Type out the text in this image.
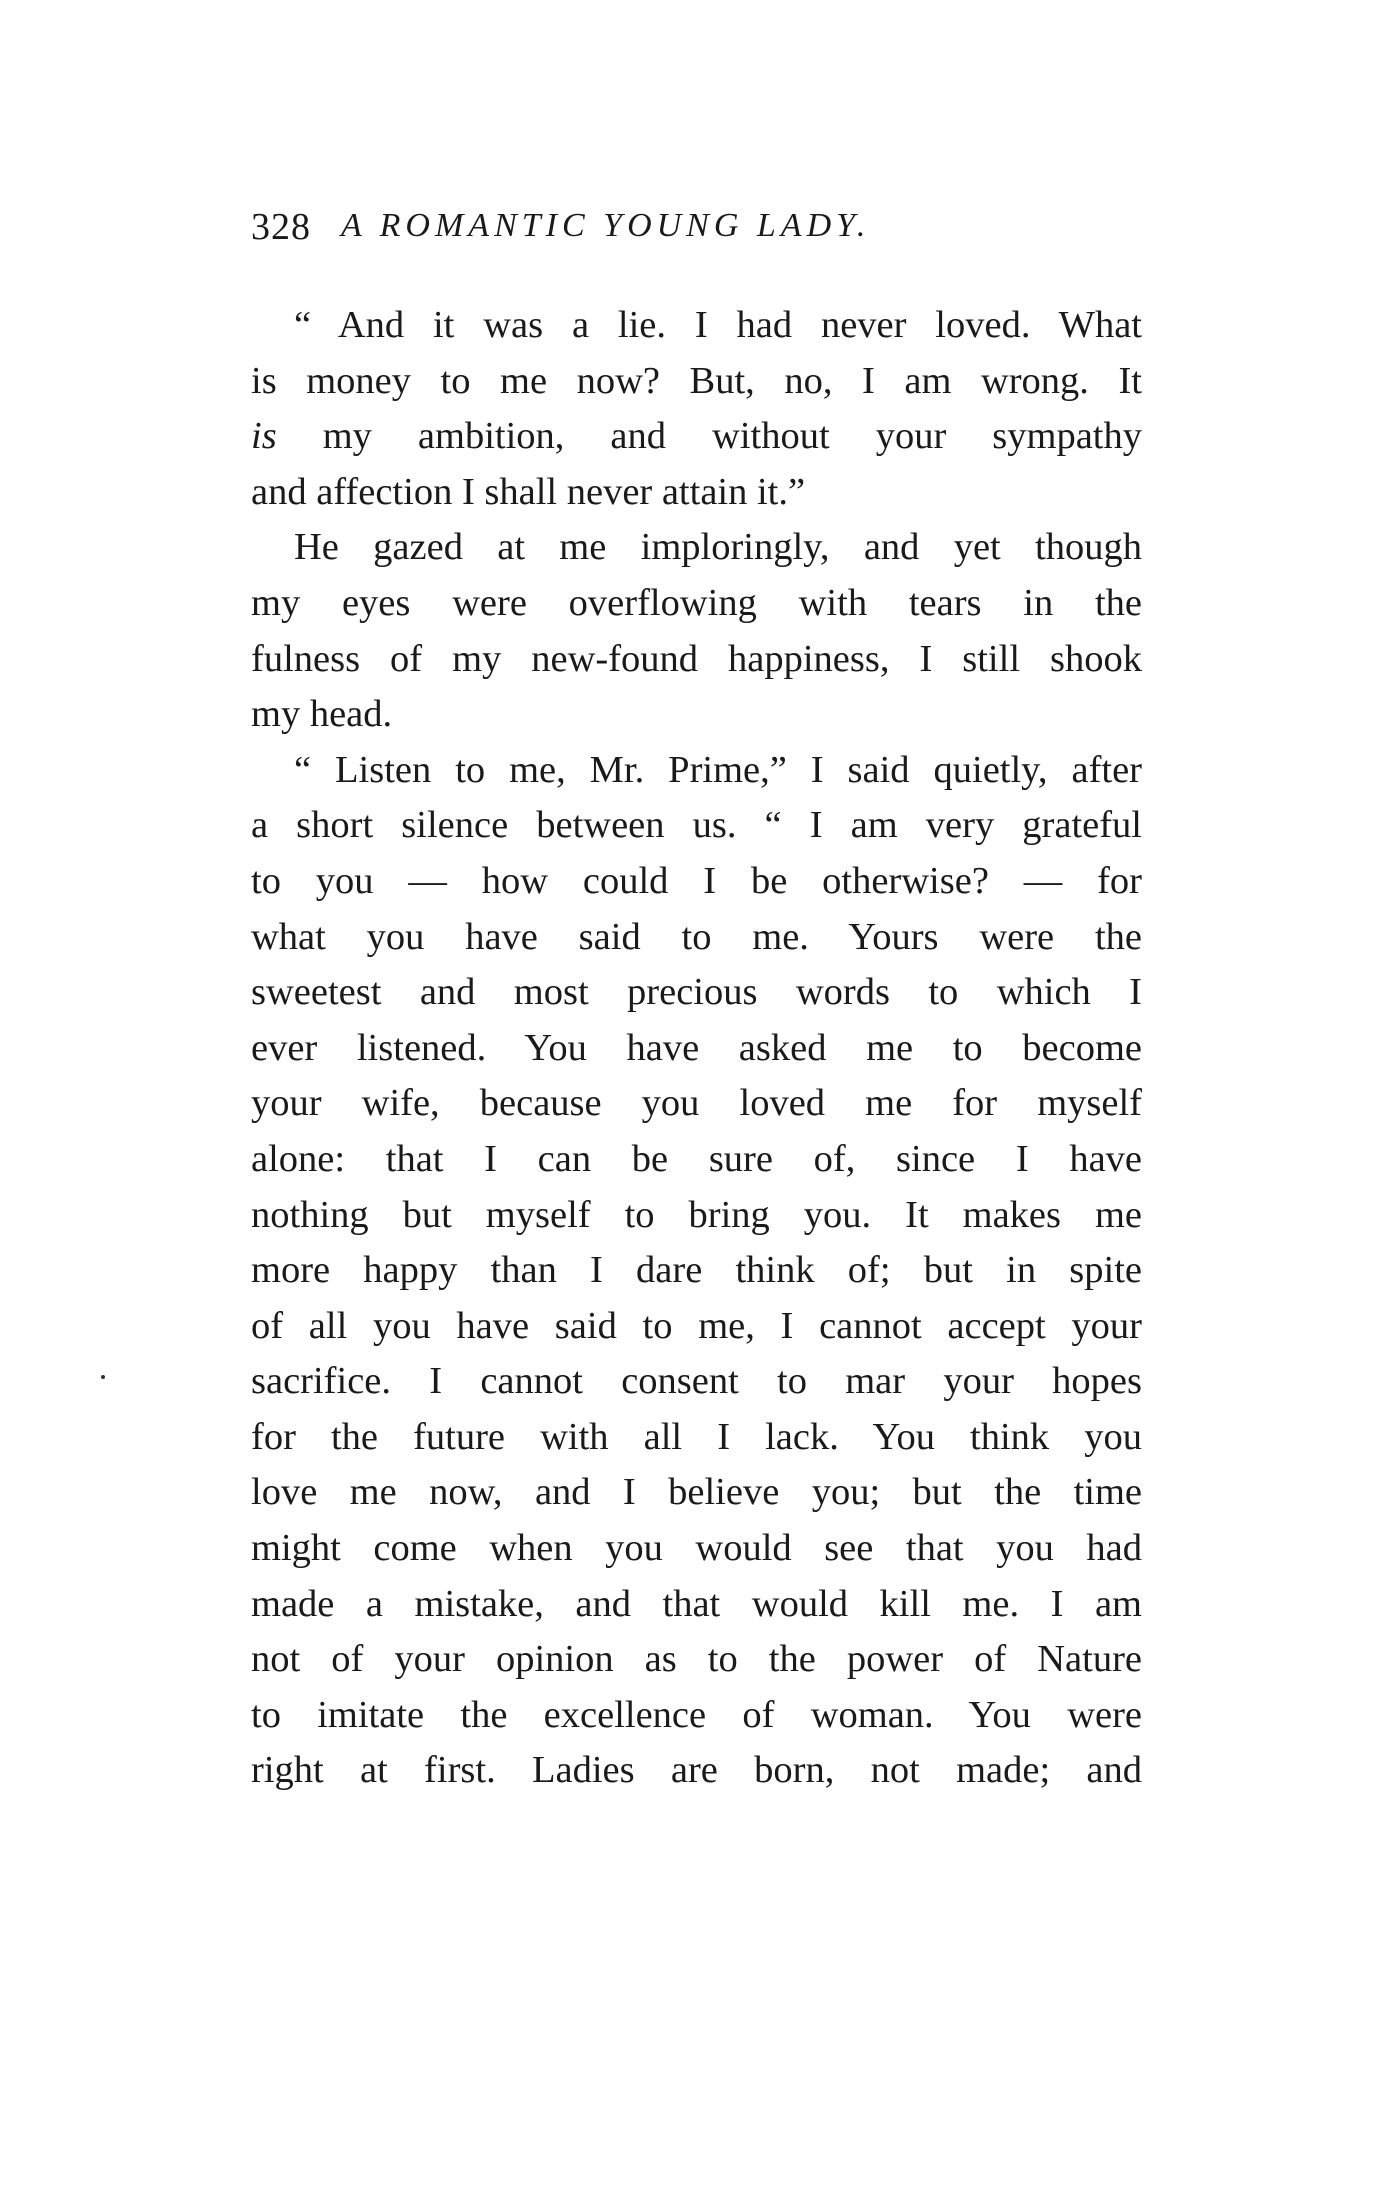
328 A ROMANTIC YOUNG LADY.
“ And it was a lie. I had never loved. What
is money to me now? But, no, I am wrong. It
is my ambition, and without your sympathy
and affection I shall never attain it.”
He gazed at me imploringly, and yet though
my eyes were overflowing with tears in the
fulness of my new-found happiness, I still shook
my head.
“ Listen to me, Mr. Prime,” I said quietly, after
a short silence between us. “ I am very grateful
to you — how could I be otherwise? — for
what you have said to me. Yours were the
sweetest and most precious words to which I
ever listened. You have asked me to become
your wife, because you loved me for myself
alone: that I can be sure of, since I have
nothing but myself to bring you. It makes me
more happy than I dare think of; but in spite
of all you have said to me, I cannot accept your
sacrifice. I cannot consent to mar your hopes
for the future with all I lack. You think you
love me now, and I believe you; but the time
might come when you would see that you had
made a mistake, and that would kill me. I am
not of your opinion as to the power of Nature
to imitate the excellence of woman. You were
right at first. Ladies are born, not made; and
